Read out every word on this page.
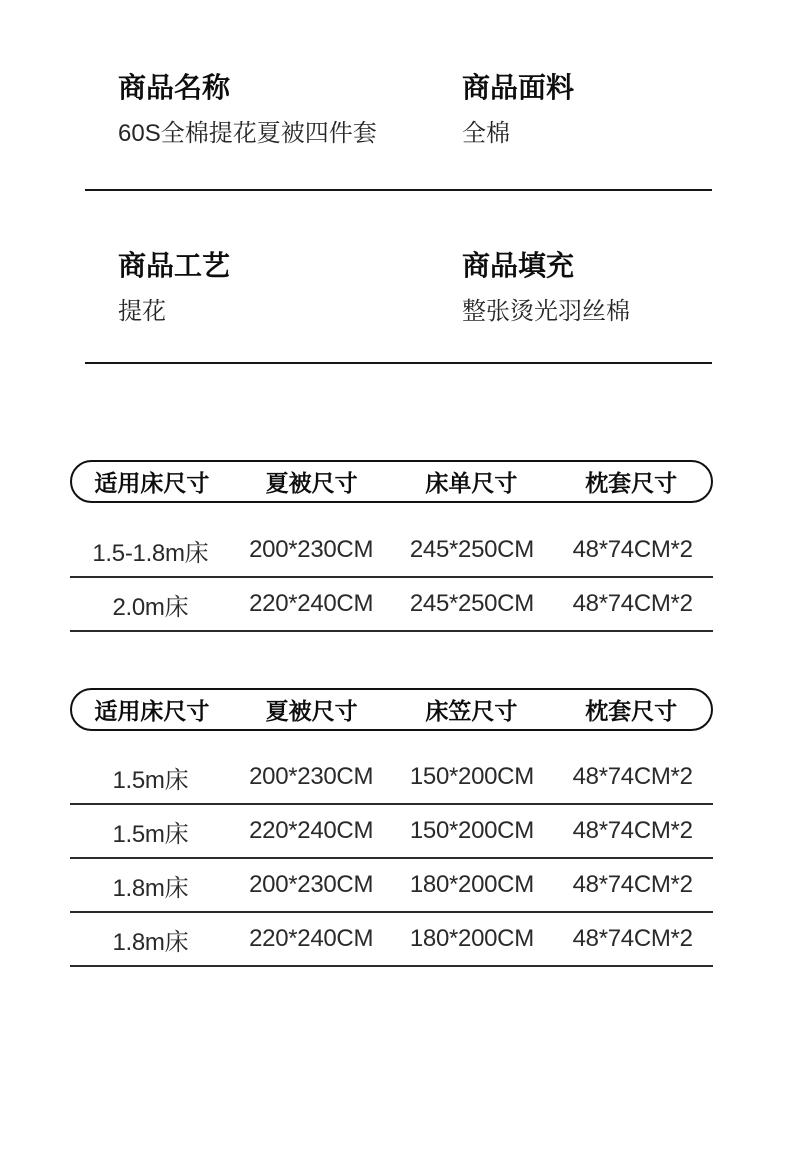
商品名称
60S全棉提花夏被四件套
商品面料
全棉
商品工艺
提花
商品填充
整张烫光羽丝棉
适用床尺寸	夏被尺寸	床单尺寸	枕套尺寸
1.5-1.8m床	200*230CM	245*250CM	48*74CM*2
2.0m床	220*240CM	245*250CM	48*74CM*2
适用床尺寸	夏被尺寸	床笠尺寸	枕套尺寸
1.5m床	200*230CM	150*200CM	48*74CM*2
1.5m床	220*240CM	150*200CM	48*74CM*2
1.8m床	200*230CM	180*200CM	48*74CM*2
1.8m床	220*240CM	180*200CM	48*74CM*2
